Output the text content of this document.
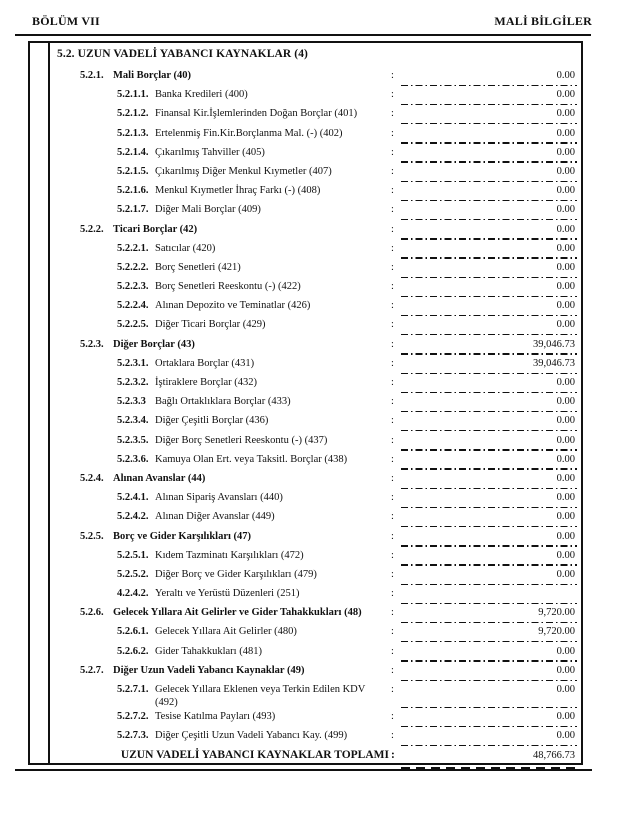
BÖLÜM VII	MALİ BİLGİLER
5.2. UZUN VADELİ YABANCI KAYNAKLAR (4)
5.2.1. Mali Borçlar (40)	:	0.00
5.2.1.1. Banka Kredileri (400)	:	0.00
5.2.1.2. Finansal Kir.İşlemlerinden Doğan Borçlar (401)	:	0.00
5.2.1.3. Ertelenmiş Fin.Kir.Borçlanma Mal. (-) (402)	:	0.00
5.2.1.4. Çıkarılmış Tahviller (405)	:	0.00
5.2.1.5. Çıkarılmış Diğer Menkul Kıymetler (407)	:	0.00
5.2.1.6. Menkul Kıymetler İhraç Farkı (-) (408)	:	0.00
5.2.1.7. Diğer Mali Borçlar (409)	:	0.00
5.2.2. Ticari Borçlar (42)	:	0.00
5.2.2.1. Satıcılar (420)	:	0.00
5.2.2.2. Borç Senetleri (421)	:	0.00
5.2.2.3. Borç Senetleri Reeskontu (-) (422)	:	0.00
5.2.2.4. Alınan Depozito ve Teminatlar (426)	:	0.00
5.2.2.5. Diğer Ticari Borçlar (429)	:	0.00
5.2.3. Diğer Borçlar (43)	:	39,046.73
5.2.3.1. Ortaklara Borçlar (431)	:	39,046.73
5.2.3.2. İştiraklere Borçlar (432)	:	0.00
5.2.3.3 Bağlı Ortaklıklara Borçlar (433)	:	0.00
5.2.3.4. Diğer Çeşitli Borçlar (436)	:	0.00
5.2.3.5. Diğer Borç Senetleri Reeskontu (-) (437)	:	0.00
5.2.3.6. Kamuya Olan Ert. veya Taksitl. Borçlar (438)	:	0.00
5.2.4. Alınan Avanslar (44)	:	0.00
5.2.4.1. Alınan Sipariş Avansları (440)	:	0.00
5.2.4.2. Alınan Diğer Avanslar (449)	:	0.00
5.2.5. Borç ve Gider Karşılıkları (47)	:	0.00
5.2.5.1. Kıdem Tazminatı Karşılıkları (472)	:	0.00
5.2.5.2. Diğer Borç ve Gider Karşılıkları (479)	:	0.00
4.2.4.2. Yeraltı ve Yerüstü Düzenleri (251)	:
5.2.6. Gelecek Yıllara Ait Gelirler ve Gider Tahakkukları (48)	:	9,720.00
5.2.6.1. Gelecek Yıllara Ait Gelirler (480)	:	9,720.00
5.2.6.2. Gider Tahakkukları (481)	:	0.00
5.2.7. Diğer Uzun Vadeli Yabancı Kaynaklar (49)	:	0.00
5.2.7.1. Gelecek Yıllara Eklenen veya Terkin Edilen KDV (492)
:	0.00
5.2.7.2. Tesise Katılma Payları (493)	:	0.00
5.2.7.3. Diğer Çeşitli Uzun Vadeli Yabancı Kay. (499)	:	0.00
UZUN VADELİ YABANCI KAYNAKLAR TOPLAMI :	48,766.73
